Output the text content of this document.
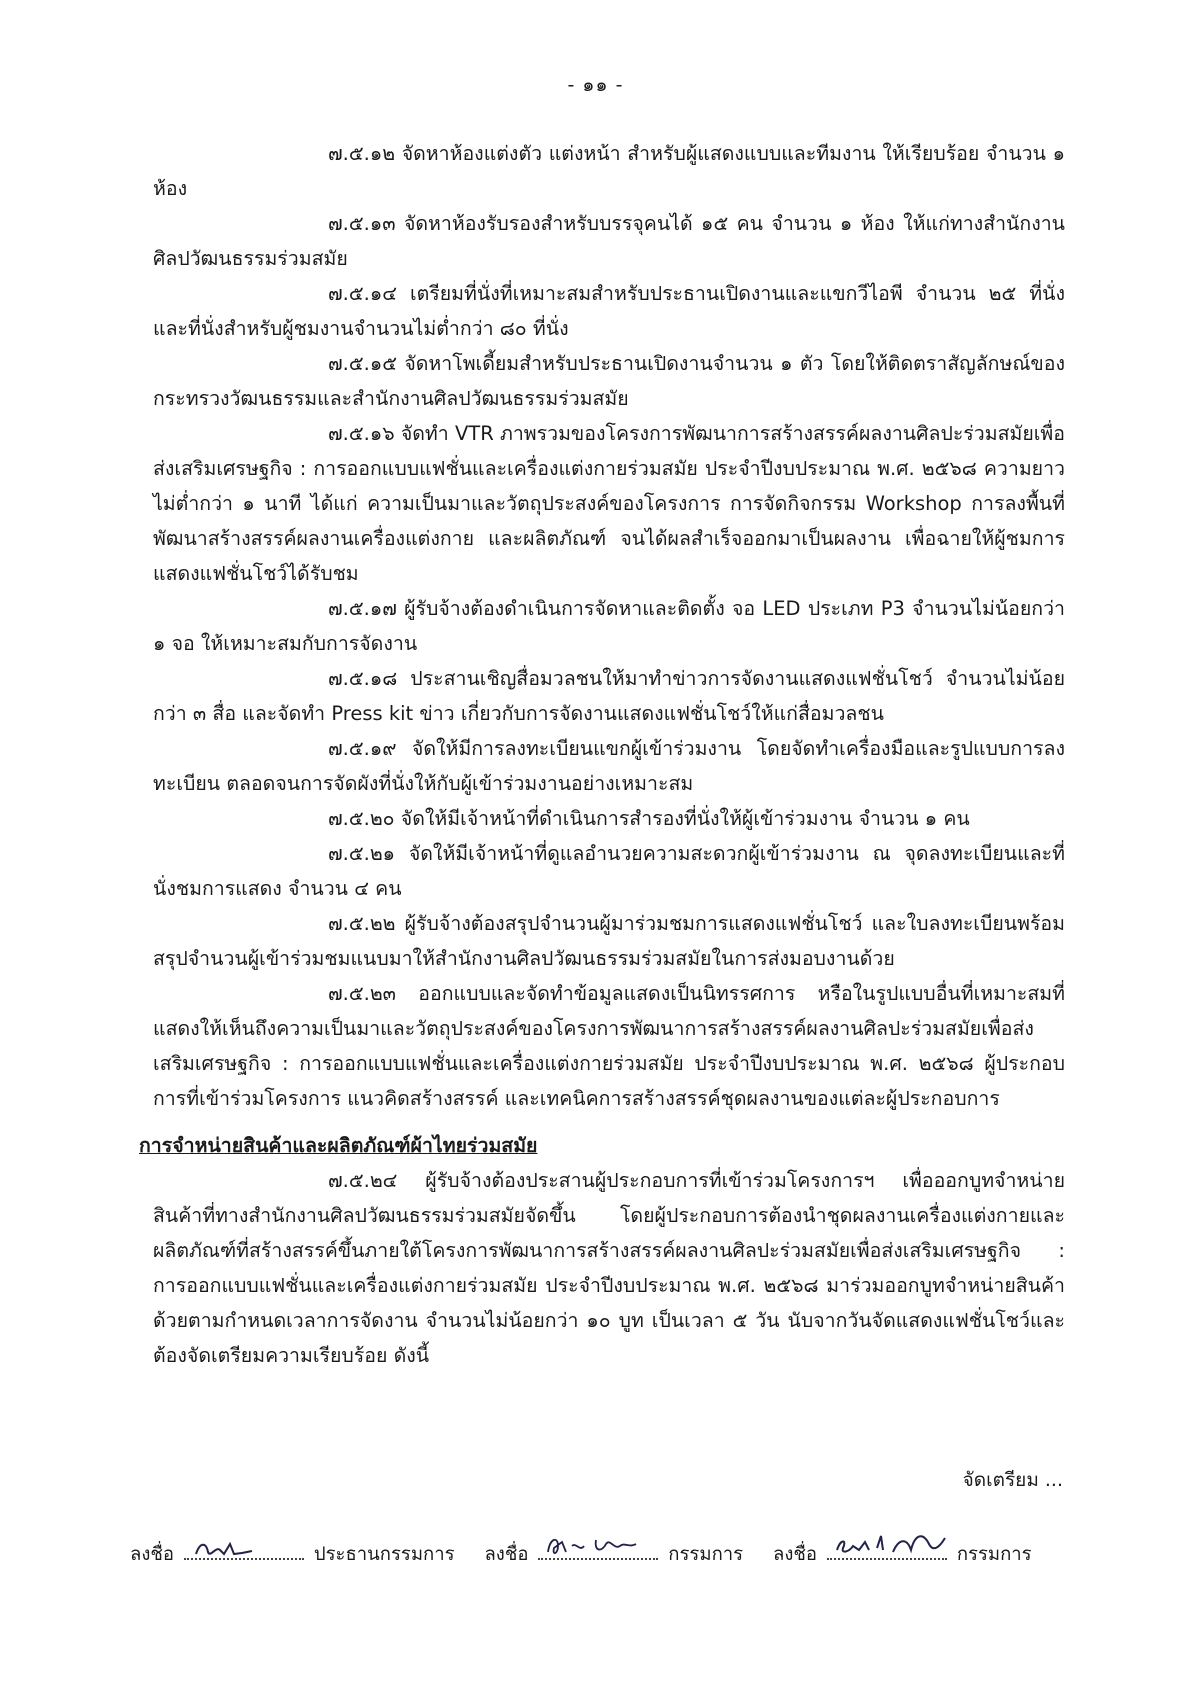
- ๑๑ -

๗.๕.๑๒ จัดหาห้องแต่งตัว แต่งหน้า สำหรับผู้แสดงแบบและทีมงาน ให้เรียบร้อย จำนวน ๑ ห้อง

๗.๕.๑๓ จัดหาห้องรับรองสำหรับบรรจุคนได้ ๑๕ คน จำนวน ๑ ห้อง ให้แก่ทางสำนักงานศิลปวัฒนธรรมร่วมสมัย

๗.๕.๑๔ เตรียมที่นั่งที่เหมาะสมสำหรับประธานเปิดงานและแขกวีไอพี จำนวน ๒๕ ที่นั่ง และที่นั่งสำหรับผู้ชมงานจำนวนไม่ต่ำกว่า ๘๐ ที่นั่ง

๗.๕.๑๕ จัดหาโพเดี้ยมสำหรับประธานเปิดงานจำนวน ๑ ตัว โดยให้ติดตราสัญลักษณ์ของกระทรวงวัฒนธรรมและสำนักงานศิลปวัฒนธรรมร่วมสมัย

๗.๕.๑๖ จัดทำ VTR ภาพรวมของโครงการพัฒนาการสร้างสรรค์ผลงานศิลปะร่วมสมัยเพื่อส่งเสริมเศรษฐกิจ : การออกแบบแฟชั่นและเครื่องแต่งกายร่วมสมัย ประจำปีงบประมาณ พ.ศ. ๒๕๖๘ ความยาวไม่ต่ำกว่า ๑ นาที ได้แก่ ความเป็นมาและวัตถุประสงค์ของโครงการ การจัดกิจกรรม Workshop การลงพื้นที่พัฒนาสร้างสรรค์ผลงานเครื่องแต่งกาย และผลิตภัณฑ์ จนได้ผลสำเร็จออกมาเป็นผลงาน เพื่อฉายให้ผู้ชมการแสดงแฟชั่นโชว์ได้รับชม

๗.๕.๑๗ ผู้รับจ้างต้องดำเนินการจัดหาและติดตั้ง จอ LED ประเภท P3 จำนวนไม่น้อยกว่า ๑ จอ ให้เหมาะสมกับการจัดงาน

๗.๕.๑๘ ประสานเชิญสื่อมวลชนให้มาทำข่าวการจัดงานแสดงแฟชั่นโชว์ จำนวนไม่น้อยกว่า ๓ สื่อ และจัดทำ Press kit ข่าว เกี่ยวกับการจัดงานแสดงแฟชั่นโชว์ให้แก่สื่อมวลชน

๗.๕.๑๙ จัดให้มีการลงทะเบียนแขกผู้เข้าร่วมงาน โดยจัดทำเครื่องมือและรูปแบบการลงทะเบียน ตลอดจนการจัดผังที่นั่งให้กับผู้เข้าร่วมงานอย่างเหมาะสม

๗.๕.๒๐ จัดให้มีเจ้าหน้าที่ดำเนินการสำรองที่นั่งให้ผู้เข้าร่วมงาน จำนวน ๑ คน

๗.๕.๒๑ จัดให้มีเจ้าหน้าที่ดูแลอำนวยความสะดวกผู้เข้าร่วมงาน ณ จุดลงทะเบียนและที่นั่งชมการแสดง จำนวน ๔ คน

๗.๕.๒๒ ผู้รับจ้างต้องสรุปจำนวนผู้มาร่วมชมการแสดงแฟชั่นโชว์ และใบลงทะเบียนพร้อมสรุปจำนวนผู้เข้าร่วมชมแนบมาให้สำนักงานศิลปวัฒนธรรมร่วมสมัยในการส่งมอบงานด้วย

๗.๕.๒๓ ออกแบบและจัดทำข้อมูลแสดงเป็นนิทรรศการ หรือในรูปแบบอื่นที่เหมาะสมที่แสดงให้เห็นถึงความเป็นมาและวัตถุประสงค์ของโครงการพัฒนาการสร้างสรรค์ผลงานศิลปะร่วมสมัยเพื่อส่งเสริมเศรษฐกิจ : การออกแบบแฟชั่นและเครื่องแต่งกายร่วมสมัย ประจำปีงบประมาณ พ.ศ. ๒๕๖๘ ผู้ประกอบการที่เข้าร่วมโครงการ แนวคิดสร้างสรรค์ และเทคนิคการสร้างสรรค์ชุดผลงานของแต่ละผู้ประกอบการ

การจำหน่ายสินค้าและผลิตภัณฑ์ผ้าไทยร่วมสมัย

๗.๕.๒๔ ผู้รับจ้างต้องประสานผู้ประกอบการที่เข้าร่วมโครงการฯ เพื่อออกบูทจำหน่ายสินค้าที่ทางสำนักงานศิลปวัฒนธรรมร่วมสมัยจัดขึ้น โดยผู้ประกอบการต้องนำชุดผลงานเครื่องแต่งกายและผลิตภัณฑ์ที่สร้างสรรค์ขึ้นภายใต้โครงการพัฒนาการสร้างสรรค์ผลงานศิลปะร่วมสมัยเพื่อส่งเสริมเศรษฐกิจ : การออกแบบแฟชั่นและเครื่องแต่งกายร่วมสมัย ประจำปีงบประมาณ พ.ศ. ๒๕๖๘ มาร่วมออกบูทจำหน่ายสินค้าด้วยตามกำหนดเวลาการจัดงาน จำนวนไม่น้อยกว่า ๑๐ บูท เป็นเวลา ๕ วัน นับจากวันจัดแสดงแฟชั่นโชว์และต้องจัดเตรียมความเรียบร้อย ดังนี้

จัดเตรียม ...
ลงชื่อ	ประธานกรรมการ ลงชื่อ	กรรมการ ลงชื่อ	กรรมการ
